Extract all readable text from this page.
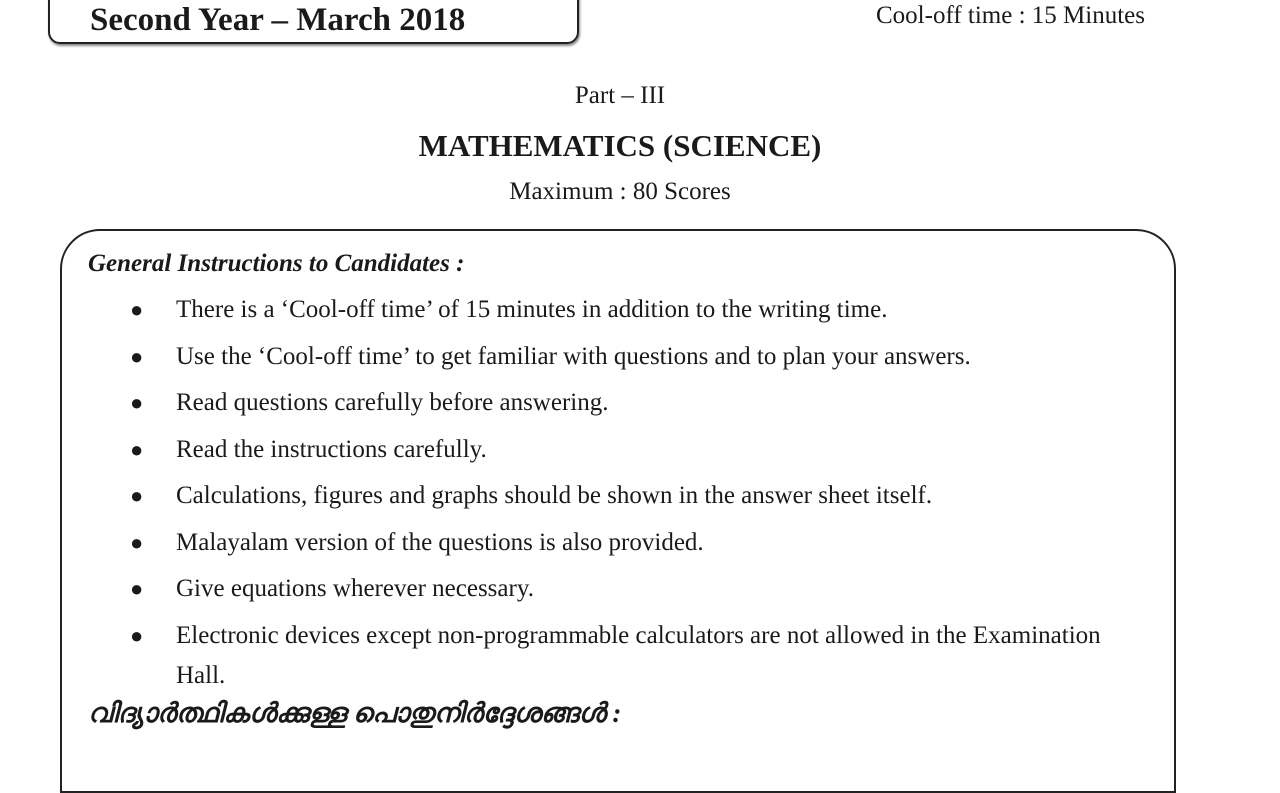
Second Year – March 2018	Cool-off time : 15 Minutes
Part – III
MATHEMATICS (SCIENCE)
Maximum : 80 Scores
General Instructions to Candidates :
● There is a ‘Cool-off time’ of 15 minutes in addition to the writing time.
● Use the ‘Cool-off time’ to get familiar with questions and to plan your answers.
● Read questions carefully before answering.
● Read the instructions carefully.
● Calculations, figures and graphs should be shown in the answer sheet itself.
● Malayalam version of the questions is also provided.
● Give equations wherever necessary.
● Electronic devices except non-programmable calculators are not allowed in the Examination Hall.
വിദ്യാർത്ഥികൾക്കുള്ള പൊതുനിർദ്ദേശങ്ങൾ :
